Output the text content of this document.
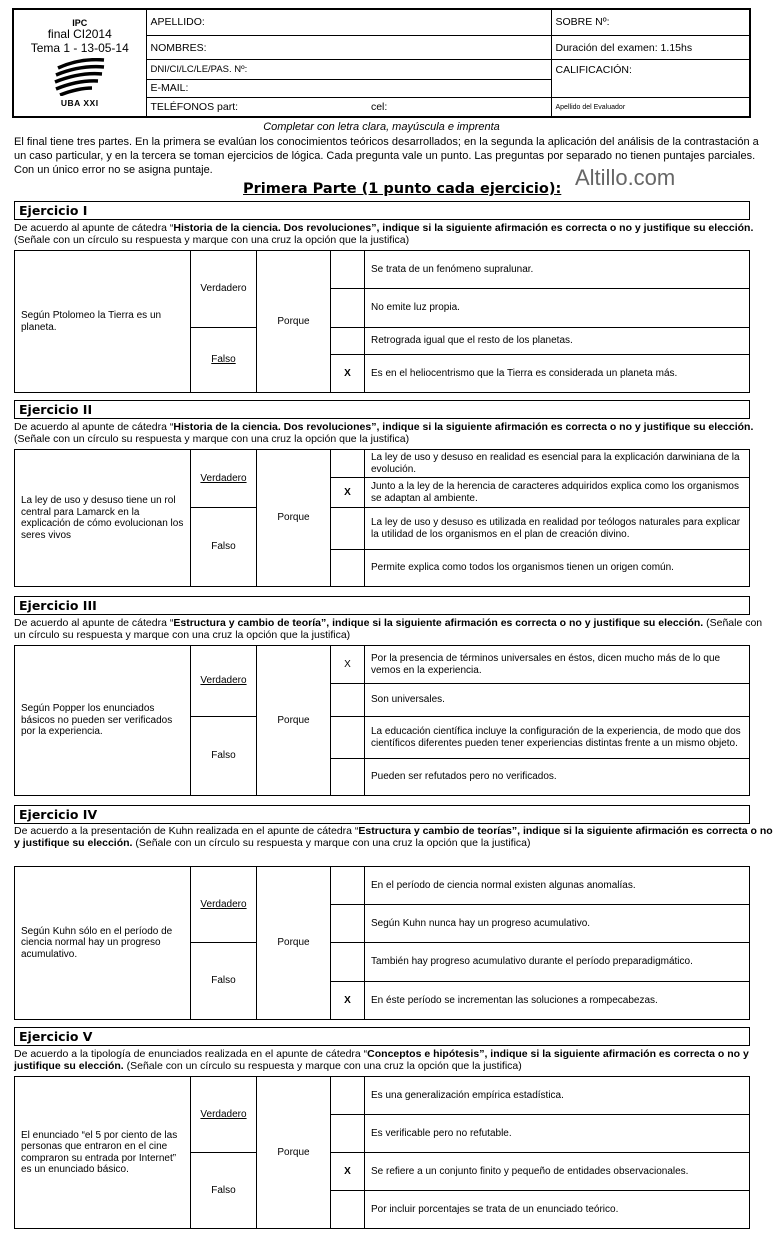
IPC
final CI2014
Tema 1 - 13-05-14
UBA XXI	APELLIDO:	SOBRE Nº:
	NOMBRES:	Duración del examen: 1.15hs
	DNI/CI/LC/LE/PAS. Nº:	CALIFICACIÓN:
	E-MAIL:	
	TELÉFONOS part: cel:	Apellido del Evaluador
Completar con letra clara, mayúscula e imprenta
El final tiene tres partes. En la primera se evalúan los conocimientos teóricos desarrollados; en la segunda la aplicación del análisis de la contrastación a un caso particular, y en la tercera se toman ejercicios de lógica. Cada pregunta vale un punto. Las preguntas por separado no tienen puntajes parciales. Con un único error no se asigna puntaje.	Altillo.com
Primera Parte (1 punto cada ejercicio):
Ejercicio I
De acuerdo al apunte de cátedra “Historia de la ciencia. Dos revoluciones”, indique si la siguiente afirmación es correcta o no y justifique su elección. (Señale con un círculo su respuesta y marque con una cruz la opción que la justifica)
Según Ptolomeo la Tierra es un planeta.	Verdadero	Porque		Se trata de un fenómeno supralunar.
				No emite luz propia.
	Falso			Retrograda igual que el resto de los planetas.
			X	Es en el heliocentrismo que la Tierra es considerada un planeta más.
Ejercicio II
De acuerdo al apunte de cátedra “Historia de la ciencia. Dos revoluciones”, indique si la siguiente afirmación es correcta o no y justifique su elección. (Señale con un círculo su respuesta y marque con una cruz la opción que la justifica)
La ley de uso y desuso tiene un rol central para Lamarck en la explicación de cómo evolucionan los seres vivos	Verdadero	Porque		La ley de uso y desuso en realidad es esencial para la explicación darwiniana de la evolución.
			X	Junto a la ley de la herencia de caracteres adquiridos explica como los organismos se adaptan al ambiente.
	Falso			La ley de uso y desuso es utilizada en realidad por teólogos naturales para explicar la utilidad de los organismos en el plan de creación divino.
				Permite explica como todos los organismos tienen un origen común.
Ejercicio III
De acuerdo al apunte de cátedra “Estructura y cambio de teoría”, indique si la siguiente afirmación es correcta o no y justifique su elección. (Señale con un círculo su respuesta y marque con una cruz la opción que la justifica)
Según Popper los enunciados básicos no pueden ser verificados por la experiencia.	Verdadero	Porque	X	Por la presencia de términos universales en éstos, dicen mucho más de lo que vemos en la experiencia.
				Son universales.
	Falso			La educación científica incluye la configuración de la experiencia, de modo que dos científicos diferentes pueden tener experiencias distintas frente a un mismo objeto.
				Pueden ser refutados pero no verificados.
Ejercicio IV
De acuerdo a la presentación de Kuhn realizada en el apunte de cátedra “Estructura y cambio de teorías”, indique si la siguiente afirmación es correcta o no y justifique su elección. (Señale con un círculo su respuesta y marque con una cruz la opción que la justifica)
Según Kuhn sólo en el período de ciencia normal hay un progreso acumulativo.	Verdadero	Porque		En el período de ciencia normal existen algunas anomalías.
				Según Kuhn nunca hay un progreso acumulativo.
	Falso			También hay progreso acumulativo durante el período preparadigmático.
			X	En éste período se incrementan las soluciones a rompecabezas.
Ejercicio V
De acuerdo a la tipología de enunciados realizada en el apunte de cátedra “Conceptos e hipótesis”, indique si la siguiente afirmación es correcta o no y justifique su elección. (Señale con un círculo su respuesta y marque con una cruz la opción que la justifica)
El enunciado “el 5 por ciento de las personas que entraron en el cine compraron su entrada por Internet” es un enunciado básico.	Verdadero	Porque		Es una generalización empírica estadística.
				Es verificable pero no refutable.
	Falso		X	Se refiere a un conjunto finito y pequeño de entidades observacionales.
				Por incluir porcentajes se trata de un enunciado teórico.
